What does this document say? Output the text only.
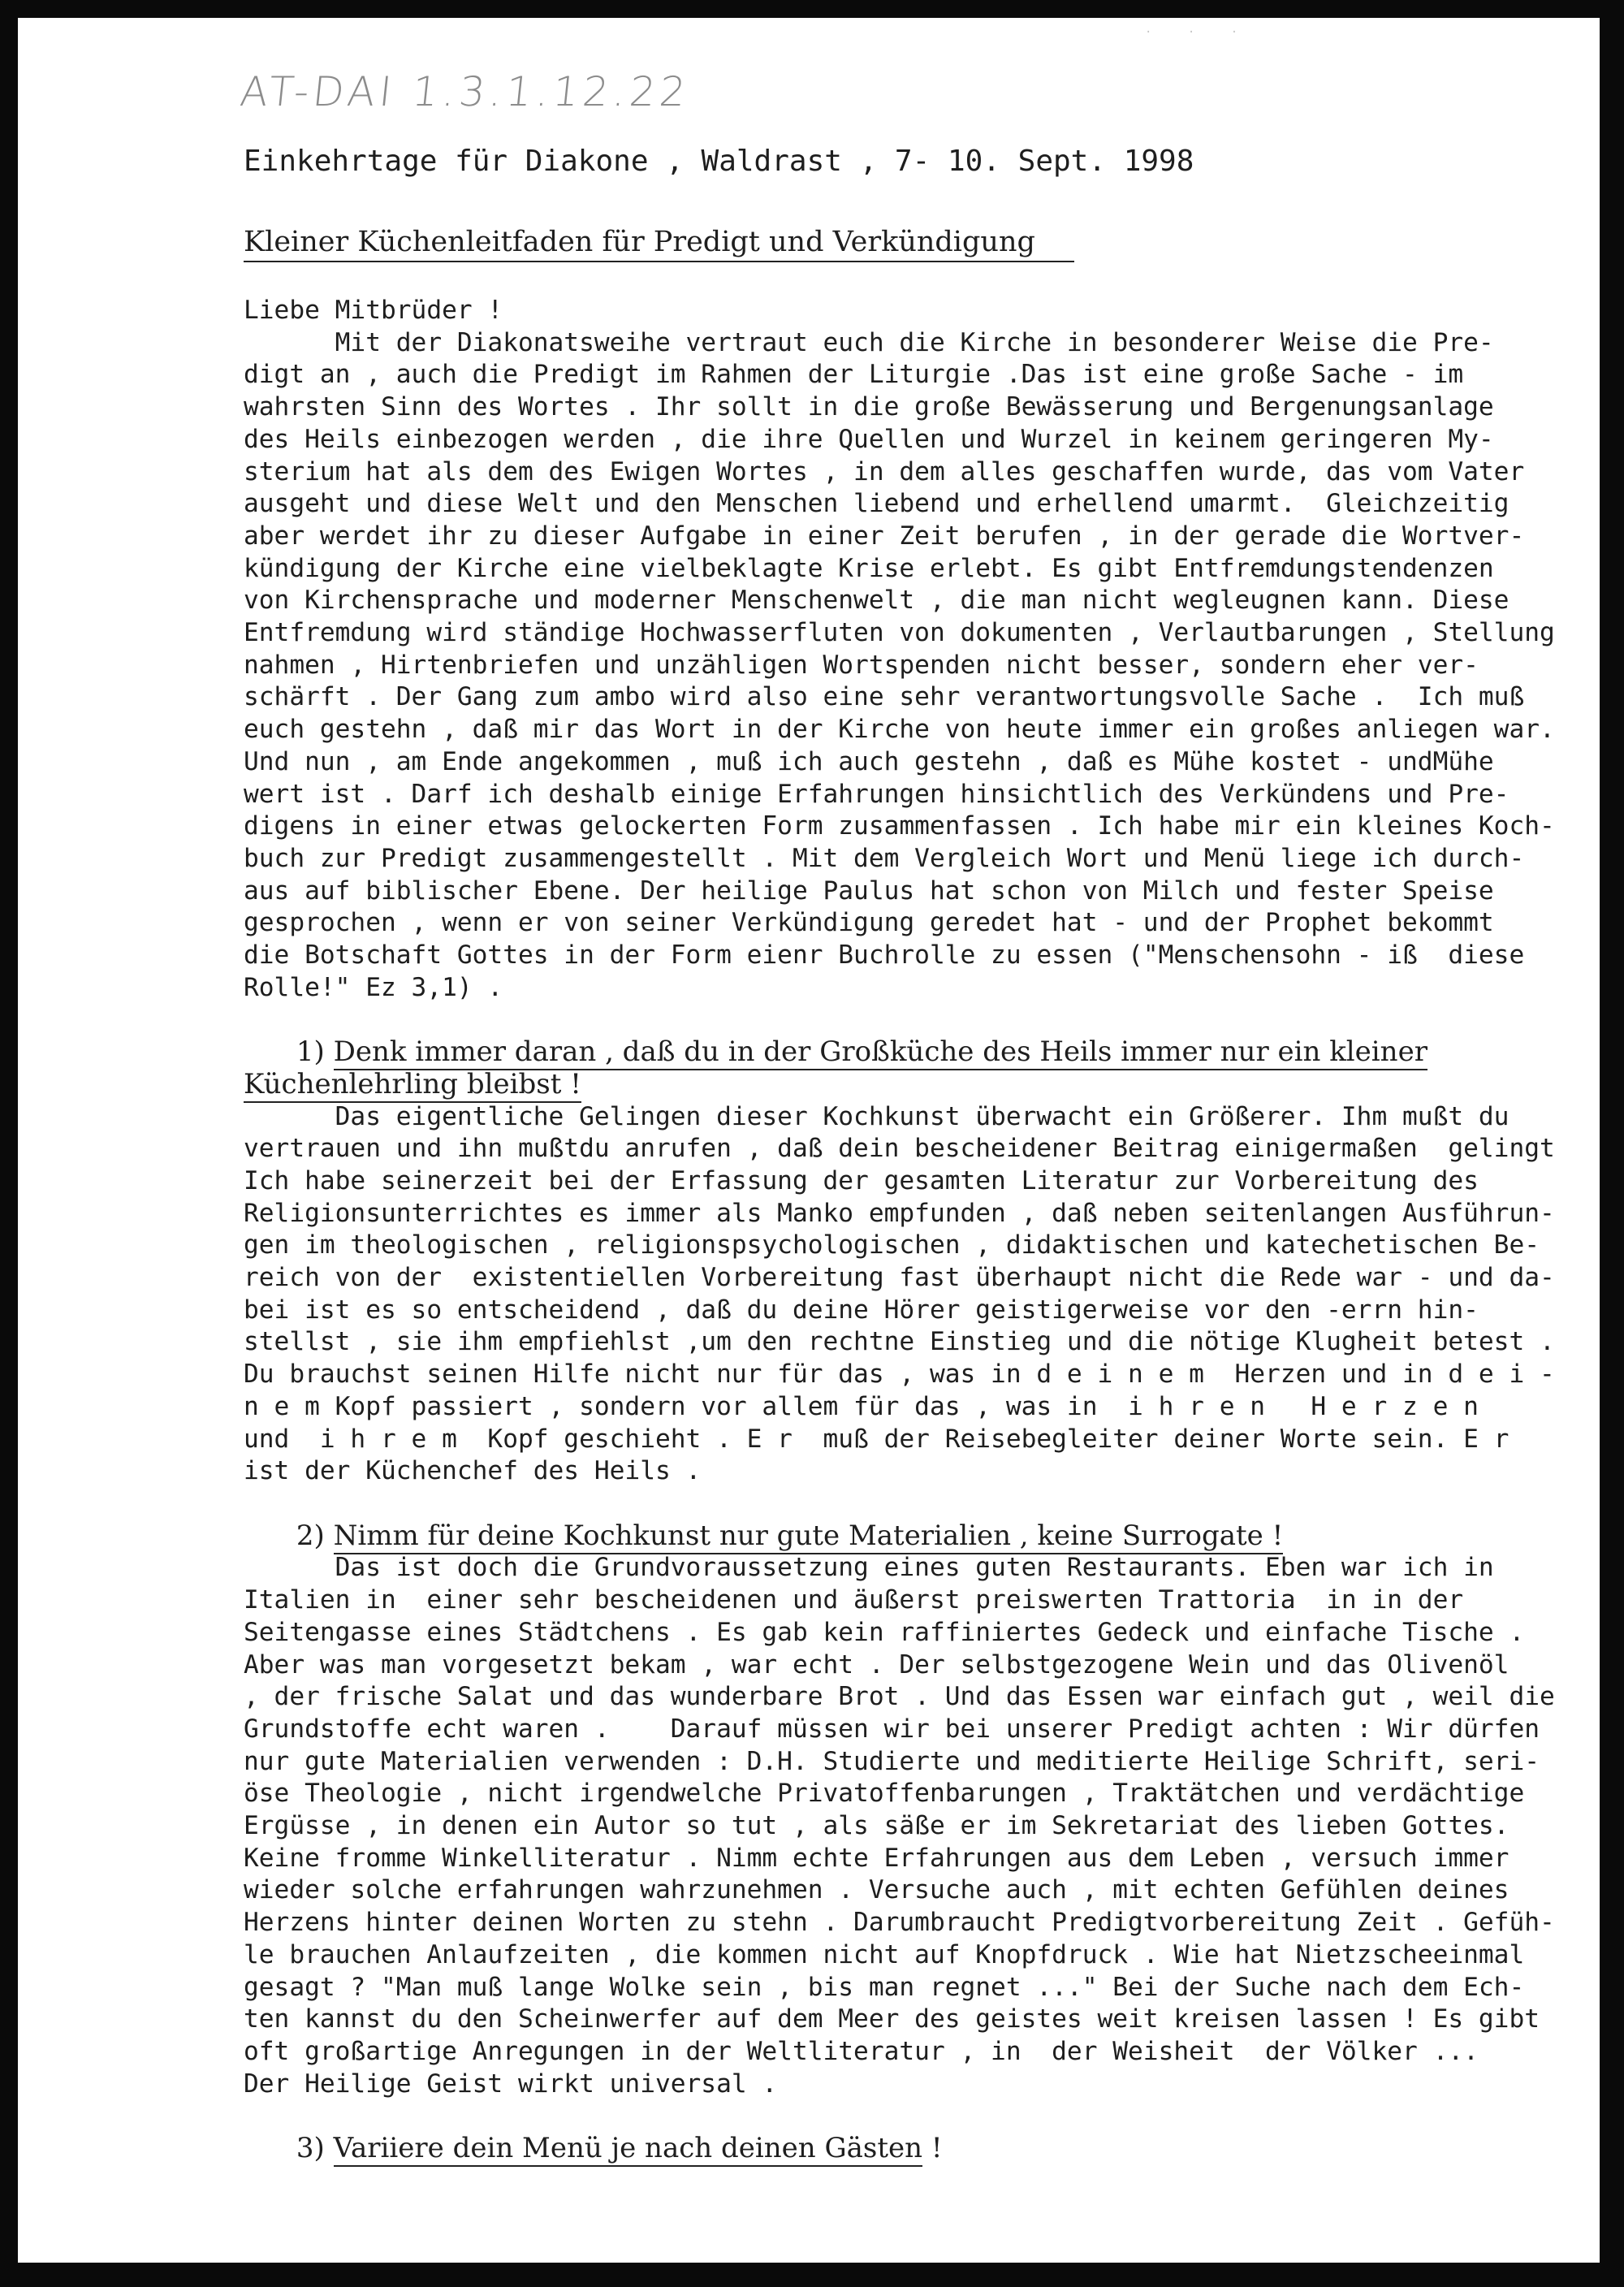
. . .
AT-DAI 1.3.1.12.22
Einkehrtage für Diakone , Waldrast , 7- 10. Sept. 1998
Kleiner Küchenleitfaden für Predigt und Verkündigung
Liebe Mitbrüder !
Mit der Diakonatsweihe vertraut euch die Kirche in besonderer Weise die Pre-
digt an , auch die Predigt im Rahmen der Liturgie .Das ist eine große Sache - im
wahrsten Sinn des Wortes . Ihr sollt in die große Bewässerung und Bergenungsanlage
des Heils einbezogen werden , die ihre Quellen und Wurzel in keinem geringeren My-
sterium hat als dem des Ewigen Wortes , in dem alles geschaffen wurde, das vom Vater
ausgeht und diese Welt und den Menschen liebend und erhellend umarmt.  Gleichzeitig
aber werdet ihr zu dieser Aufgabe in einer Zeit berufen , in der gerade die Wortver-
kündigung der Kirche eine vielbeklagte Krise erlebt. Es gibt Entfremdungstendenzen
von Kirchensprache und moderner Menschenwelt , die man nicht wegleugnen kann. Diese
Entfremdung wird ständige Hochwasserfluten von dokumenten , Verlautbarungen , Stellung
nahmen , Hirtenbriefen und unzähligen Wortspenden nicht besser, sondern eher ver-
schärft . Der Gang zum ambo wird also eine sehr verantwortungsvolle Sache .  Ich muß
euch gestehn , daß mir das Wort in der Kirche von heute immer ein großes anliegen war.
Und nun , am Ende angekommen , muß ich auch gestehn , daß es Mühe kostet - undMühe
wert ist . Darf ich deshalb einige Erfahrungen hinsichtlich des Verkündens und Pre-
digens in einer etwas gelockerten Form zusammenfassen . Ich habe mir ein kleines Koch-
buch zur Predigt zusammengestellt . Mit dem Vergleich Wort und Menü liege ich durch-
aus auf biblischer Ebene. Der heilige Paulus hat schon von Milch und fester Speise
gesprochen , wenn er von seiner Verkündigung geredet hat - und der Prophet bekommt
die Botschaft Gottes in der Form eienr Buchrolle zu essen ("Menschensohn - iß  diese
Rolle!" Ez 3,1) .
1) Denk immer daran , daß du in der Großküche des Heils immer nur ein kleiner
Küchenlehrling bleibst !
Das eigentliche Gelingen dieser Kochkunst überwacht ein Größerer. Ihm mußt du
vertrauen und ihn mußtdu anrufen , daß dein bescheidener Beitrag einigermaßen  gelingt
Ich habe seinerzeit bei der Erfassung der gesamten Literatur zur Vorbereitung des
Religionsunterrichtes es immer als Manko empfunden , daß neben seitenlangen Ausführun-
gen im theologischen , religionspsychologischen , didaktischen und katechetischen Be-
reich von der  existentiellen Vorbereitung fast überhaupt nicht die Rede war - und da-
bei ist es so entscheidend , daß du deine Hörer geistigerweise vor den -errn hin-
stellst , sie ihm empfiehlst ,um den rechtne Einstieg und die nötige Klugheit betest .
Du brauchst seinen Hilfe nicht nur für das , was in d e i n e m  Herzen und in d e i -
n e m Kopf passiert , sondern vor allem für das , was in  i h r e n   H e r z e n
und  i h r e m  Kopf geschieht . E r  muß der Reisebegleiter deiner Worte sein. E r
ist der Küchenchef des Heils .
2) Nimm für deine Kochkunst nur gute Materialien , keine Surrogate !
Das ist doch die Grundvoraussetzung eines guten Restaurants. Eben war ich in
Italien in  einer sehr bescheidenen und äußerst preiswerten Trattoria  in in der
Seitengasse eines Städtchens . Es gab kein raffiniertes Gedeck und einfache Tische .
Aber was man vorgesetzt bekam , war echt . Der selbstgezogene Wein und das Olivenöl
, der frische Salat und das wunderbare Brot . Und das Essen war einfach gut , weil die
Grundstoffe echt waren .    Darauf müssen wir bei unserer Predigt achten : Wir dürfen
nur gute Materialien verwenden : D.H. Studierte und meditierte Heilige Schrift, seri-
öse Theologie , nicht irgendwelche Privatoffenbarungen , Traktätchen und verdächtige
Ergüsse , in denen ein Autor so tut , als säße er im Sekretariat des lieben Gottes.
Keine fromme Winkelliteratur . Nimm echte Erfahrungen aus dem Leben , versuch immer
wieder solche erfahrungen wahrzunehmen . Versuche auch , mit echten Gefühlen deines
Herzens hinter deinen Worten zu stehn . Darumbraucht Predigtvorbereitung Zeit . Gefüh-
le brauchen Anlaufzeiten , die kommen nicht auf Knopfdruck . Wie hat Nietzscheeinmal
gesagt ? "Man muß lange Wolke sein , bis man regnet ..." Bei der Suche nach dem Ech-
ten kannst du den Scheinwerfer auf dem Meer des geistes weit kreisen lassen ! Es gibt
oft großartige Anregungen in der Weltliteratur , in  der Weisheit  der Völker ...
Der Heilige Geist wirkt universal .
3) Variiere dein Menü je nach deinen Gästen !
